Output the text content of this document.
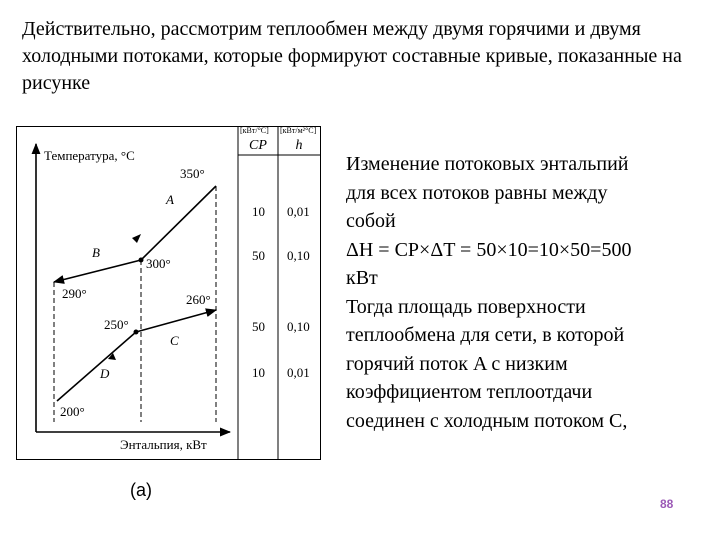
Действительно, рассмотрим теплообмен между двумя горячими и двумя холодными потоками, которые формируют составные кривые, показанные на рисунке

[кВт/°C] [кВт/м²°C]
CP h
10 0,01
50 0,10
50 0,10
10 0,01
Температура, °C
Энтальпия, кВт
350°
300°
290°	260°
250°
200°
A
B
C
D
(a)
Изменение потоковых энтальпий
для всех потоков равны между
собой
ΔH = CP×ΔT = 50×10=10×50=500
кВт
Тогда площадь поверхности
теплообмена для сети, в которой
горячий поток A с низким
коэффициентом теплоотдачи
соединен с холодным потоком C,
88
